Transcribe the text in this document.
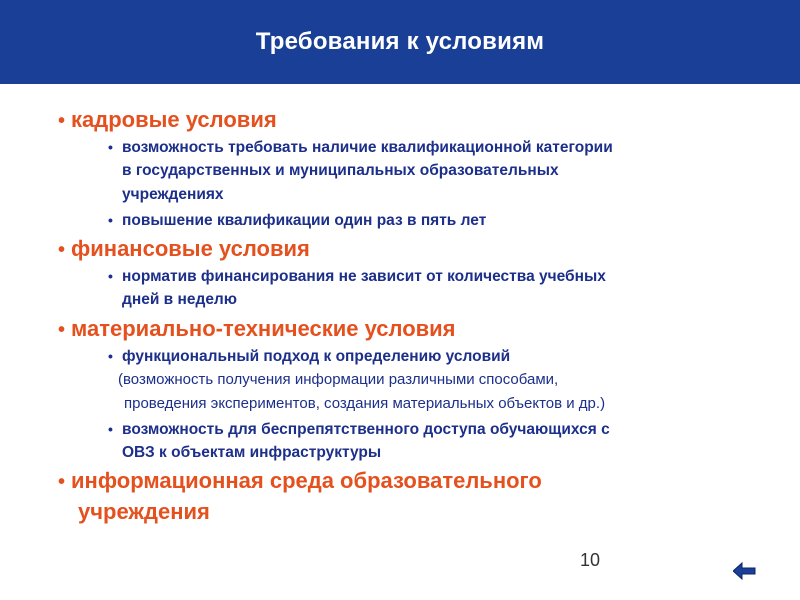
Требования к условиям
• кадровые условия
• возможность требовать наличие квалификационной категории
в государственных и муниципальных образовательных
учреждениях
• повышение квалификации один раз в пять лет
• финансовые условия
• норматив финансирования не зависит от количества учебных
дней в неделю
• материально-технические условия
• функциональный подход к определению условий
(возможность получения информации различными способами,
проведения экспериментов, создания материальных объектов и др.)
• возможность для беспрепятственного доступа обучающихся с
ОВЗ к объектам инфраструктуры
• информационная среда образовательного
учреждения
10
